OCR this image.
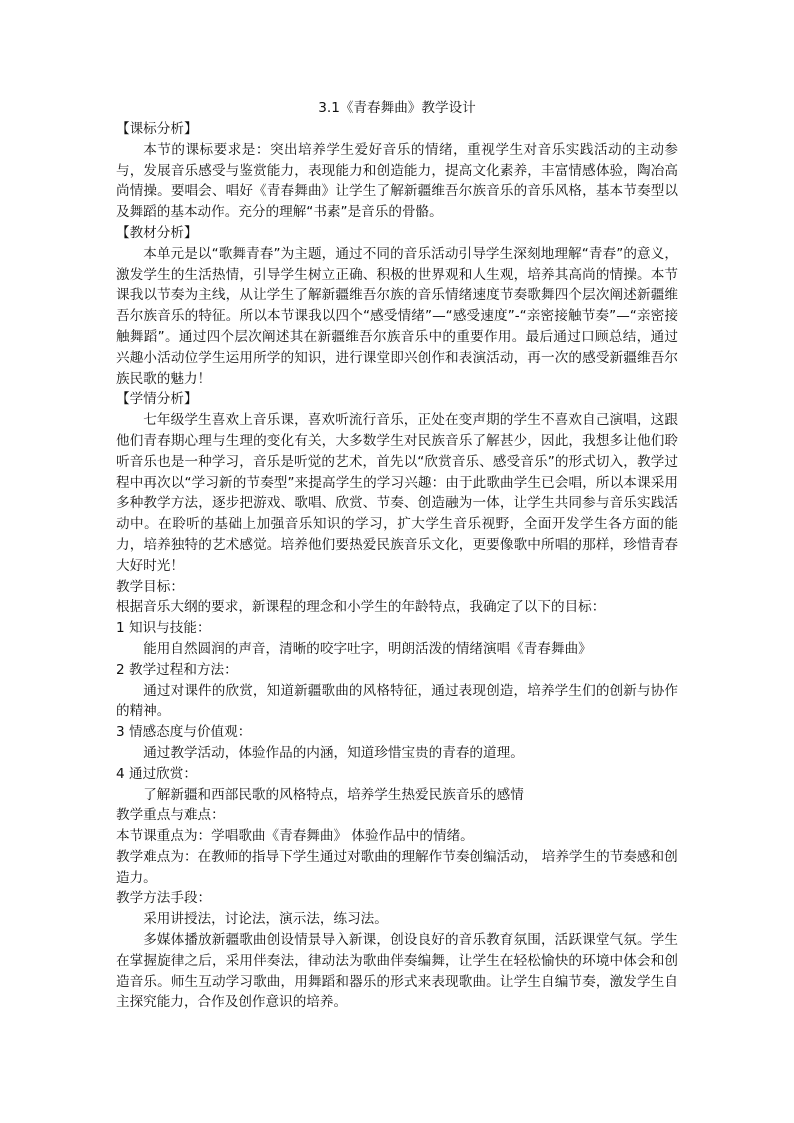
3.1《青春舞曲》教学设计

【课标分析】

本节的课标要求是：突出培养学生爱好音乐的情绪，重视学生对音乐实践活动的主动参与，发展音乐感受与鉴赏能力，表现能力和创造能力，提高文化素养，丰富情感体验，陶冶高尚情操。要唱会、唱好《青春舞曲》让学生了解新疆维吾尔族音乐的音乐风格，基本节奏型以及舞蹈的基本动作。充分的理解“书素”是音乐的骨骼。

【教材分析】

本单元是以“歌舞青春”为主题，通过不同的音乐活动引导学生深刻地理解“青春”的意义，激发学生的生活热情，引导学生树立正确、积极的世界观和人生观，培养其高尚的情操。本节课我以节奏为主线，从让学生了解新疆维吾尔族的音乐情绪速度节奏歌舞四个层次阐述新疆维吾尔族音乐的特征。所以本节课我以四个“感受情绪”—“感受速度”-“亲密接触节奏”—“亲密接触舞蹈”。通过四个层次阐述其在新疆维吾尔族音乐中的重要作用。最后通过口顾总结，通过兴趣小活动位学生运用所学的知识，进行课堂即兴创作和表演活动，再一次的感受新疆维吾尔族民歌的魅力！

【学情分析】

七年级学生喜欢上音乐课，喜欢听流行音乐，正处在变声期的学生不喜欢自己演唱，这跟他们青春期心理与生理的变化有关，大多数学生对民族音乐了解甚少，因此，我想多让他们聆听音乐也是一种学习，音乐是听觉的艺术，首先以“欣赏音乐、感受音乐”的形式切入，教学过程中再次以“学习新的节奏型”来提高学生的学习兴趣：由于此歌曲学生已会唱，所以本课采用多种教学方法，逐步把游戏、歌唱、欣赏、节奏、创造融为一体，让学生共同参与音乐实践活动中。在聆听的基础上加强音乐知识的学习，扩大学生音乐视野，全面开发学生各方面的能力，培养独特的艺术感觉。培养他们要热爱民族音乐文化，更要像歌中所唱的那样，珍惜青春大好时光！

教学目标：

根据音乐大纲的要求，新课程的理念和小学生的年龄特点，我确定了以下的目标：

1 知识与技能：

能用自然圆润的声音，清晰的咬字吐字，明朗活泼的情绪演唱《青春舞曲》

2 教学过程和方法：

通过对课件的欣赏，知道新疆歌曲的风格特征，通过表现创造，培养学生们的创新与协作的精神。

3 情感态度与价值观：

通过教学活动，体验作品的内涵，知道珍惜宝贵的青春的道理。

4 通过欣赏：

了解新疆和西部民歌的风格特点，培养学生热爱民族音乐的感情

教学重点与难点：

本节课重点为：学唱歌曲《青春舞曲》 体验作品中的情绪。

教学难点为：在教师的指导下学生通过对歌曲的理解作节奏创编活动， 培养学生的节奏感和创造力。

教学方法手段：

采用讲授法，讨论法，演示法，练习法。

多媒体播放新疆歌曲创设情景导入新课，创设良好的音乐教育氛围，活跃课堂气氛。学生在掌握旋律之后，采用伴奏法，律动法为歌曲伴奏编舞，让学生在轻松愉快的环境中体会和创造音乐。师生互动学习歌曲，用舞蹈和器乐的形式来表现歌曲。让学生自编节奏，激发学生自主探究能力，合作及创作意识的培养。
